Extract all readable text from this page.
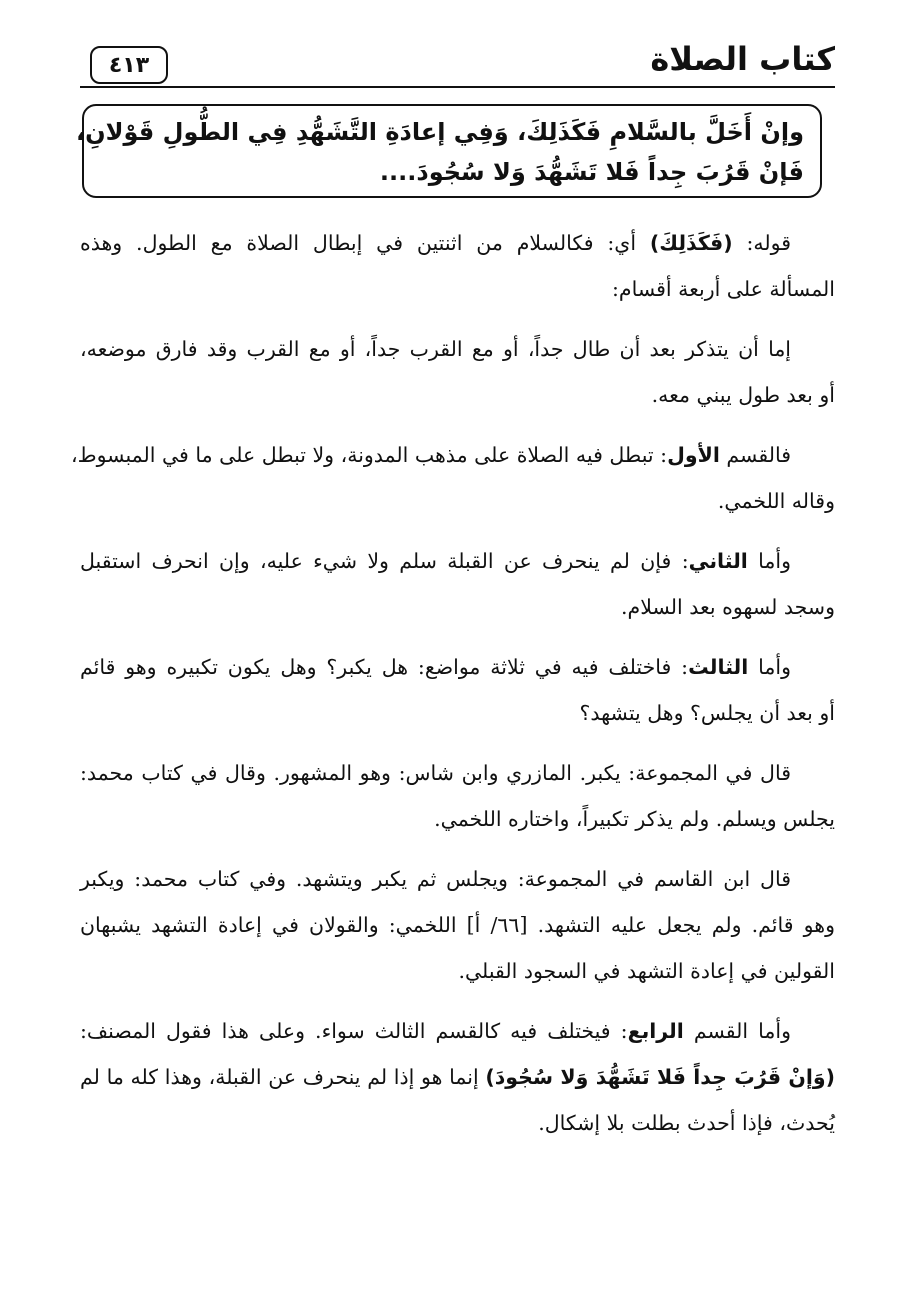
كتاب الصلاة
٤١٣
وإنْ أَخَلَّ بالسَّلامِ فَكَذَلِكَ، وَفِي إعادَةِ التَّشَهُّدِ فِي الطُّولِ قَوْلانِ،
فَإنْ قَرُبَ جِداً فَلا تَشَهُّدَ وَلا سُجُودَ....
قوله: (فَكَذَلِكَ) أي: فكالسلام من اثنتين في إبطال الصلاة مع الطول. وهذه
المسألة على أربعة أقسام:
إما أن يتذكر بعد أن طال جداً، أو مع القرب جداً، أو مع القرب وقد فارق موضعه،
أو بعد طول يبني معه.
فالقسم الأول: تبطل فيه الصلاة على مذهب المدونة، ولا تبطل على ما في المبسوط،
وقاله اللخمي.
وأما الثاني: فإن لم ينحرف عن القبلة سلم ولا شيء عليه، وإن انحرف استقبل
وسجد لسهوه بعد السلام.
وأما الثالث: فاختلف فيه في ثلاثة مواضع: هل يكبر؟ وهل يكون تكبيره وهو قائم
أو بعد أن يجلس؟ وهل يتشهد؟
قال في المجموعة: يكبر. المازري وابن شاس: وهو المشهور. وقال في كتاب محمد:
يجلس ويسلم. ولم يذكر تكبيراً، واختاره اللخمي.
قال ابن القاسم في المجموعة: ويجلس ثم يكبر ويتشهد. وفي كتاب محمد: ويكبر
وهو قائم. ولم يجعل عليه التشهد. [٦٦/ أ] اللخمي: والقولان في إعادة التشهد يشبهان
القولين في إعادة التشهد في السجود القبلي.
وأما القسم الرابع: فيختلف فيه كالقسم الثالث سواء. وعلى هذا فقول المصنف:
(وَإنْ قَرُبَ جِداً فَلا تَشَهُّدَ وَلا سُجُودَ) إنما هو إذا لم ينحرف عن القبلة، وهذا كله ما لم
يُحدث، فإذا أحدث بطلت بلا إشكال.
